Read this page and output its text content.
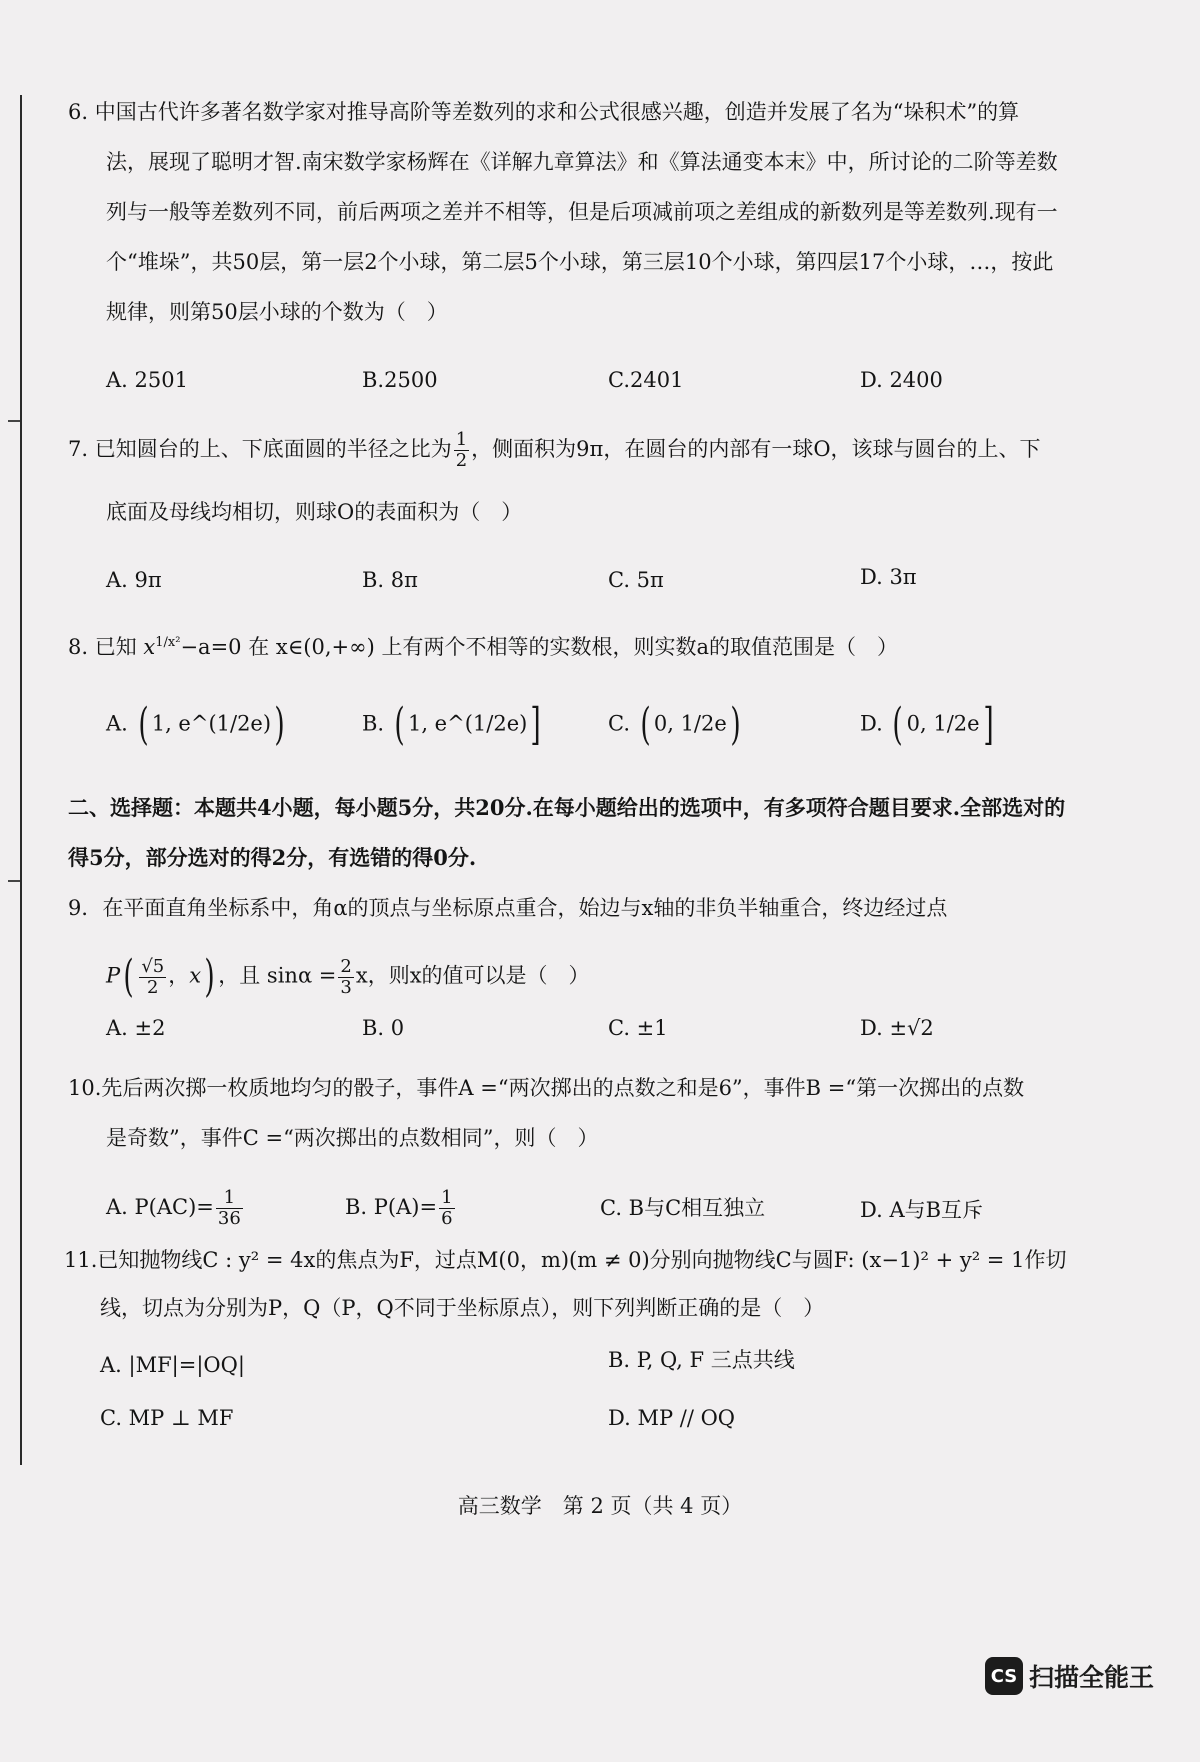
6. 中国古代许多著名数学家对推导高阶等差数列的求和公式很感兴趣，创造并发展了名为“垛积术”的算
法，展现了聪明才智.南宋数学家杨辉在《详解九章算法》和《算法通变本末》中，所讨论的二阶等差数
列与一般等差数列不同，前后两项之差并不相等，但是后项减前项之差组成的新数列是等差数列.现有一
个“堆垛”，共50层，第一层2个小球，第二层5个小球，第三层10个小球，第四层17个小球，…，按此
规律，则第50层小球的个数为（　）
A. 2501	B.2500	C.2401	D. 2400
7. 已知圆台的上、下底面圆的半径之比为 $\frac{1}{2}$ ，侧面积为9π，在圆台的内部有一球O，该球与圆台的上、下
底面及母线均相切，则球O的表面积为（　）
A. 9π	B. 8π	C. 5π	D. 3π
8. 已知 $x^{1/x^2}-a=0$ 在 x∈(0,+∞) 上有两个不相等的实数根，则实数a的取值范围是（　）
A. ( 1, e^(1/2e))	B. ( 1, e^(1/2e)]	C. ( 0, 1/2e)	D. ( 0, 1/2e]
二、选择题：本题共4小题，每小题5分，共20分.在每小题给出的选项中，有多项符合题目要求.全部选对的
得5分，部分选对的得2分，有选错的得0分.
9．在平面直角坐标系中，角α的顶点与坐标原点重合，始边与x轴的非负半轴重合，终边经过点
$P( \frac{√5}{2}$ ，x) ，且 $\sin\alpha = \frac{2}{3}$ x，则x的值可以是（　）
A. ±2	B. 0	C. ±1	D. ±√2
10.先后两次掷一枚质地均匀的骰子，事件A =“两次掷出的点数之和是6”，事件B =“第一次掷出的点数
是奇数”，事件C =“两次掷出的点数相同”，则（　）
A. $P(AC)= \frac{1}{36}$	B. $P(A)= \frac{1}{6}$	C. B与C相互独立	D. A与B互斥
11.已知抛物线C : y² = 4x的焦点为F，过点M(0，m)(m ≠ 0)分别向抛物线C与圆F: (x−1)² + y² = 1作切
线，切点为分别为P，Q（P，Q不同于坐标原点），则下列判断正确的是（　）
A. |MF|=|OQ|	B. P, Q, F 三点共线
C. MP ⊥ MF	D. MP // OQ
高三数学　第 2 页（共 4 页）
CS 扫描全能王
